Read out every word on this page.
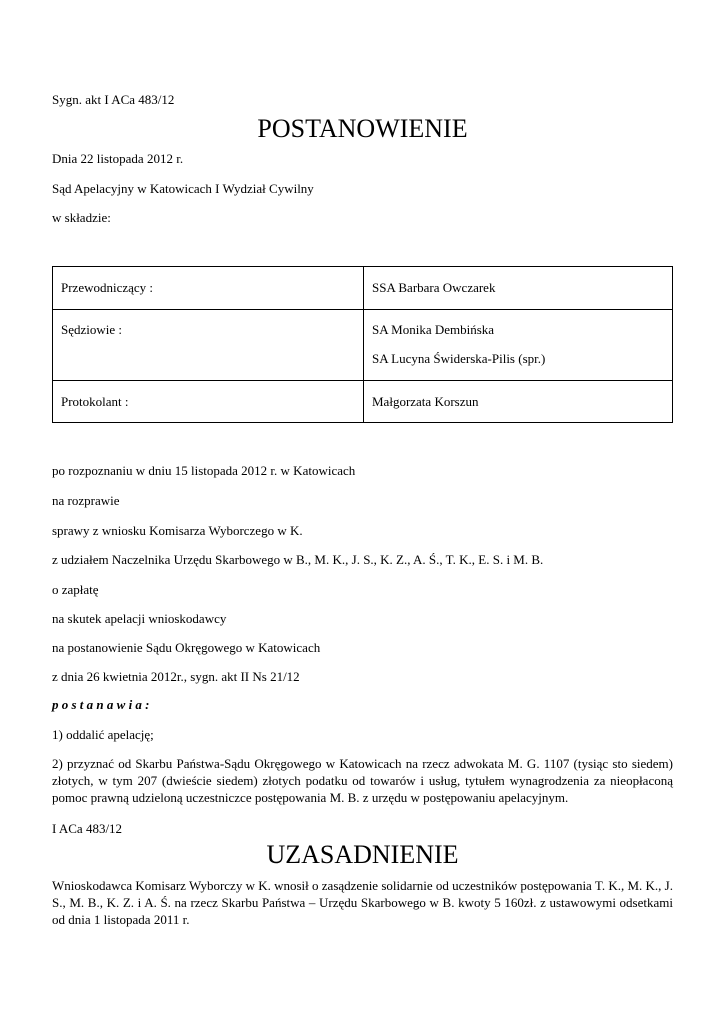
Sygn. akt I ACa 483/12
POSTANOWIENIE
Dnia 22 listopada 2012 r.
Sąd Apelacyjny w Katowicach I Wydział Cywilny
w składzie:
Przewodniczący :	SSA Barbara Owczarek

Sędziowie :	SA Monika Dembińska
SA Lucyna Świderska-Pilis (spr.)

Protokolant :	Małgorzata Korszun
po rozpoznaniu w dniu 15 listopada 2012 r. w Katowicach
na rozprawie
sprawy z wniosku Komisarza Wyborczego w K.
z udziałem Naczelnika Urzędu Skarbowego w B., M. K., J. S., K. Z., A. Ś., T. K., E. S. i M. B.
o zapłatę
na skutek apelacji wnioskodawcy
na postanowienie Sądu Okręgowego w Katowicach
z dnia 26 kwietnia 2012r., sygn. akt II Ns 21/12
p o s t a n a w i a :
1) oddalić apelację;
2) przyznać od Skarbu Państwa-Sądu Okręgowego w Katowicach na rzecz adwokata M. G. 1107 (tysiąc sto siedem) złotych, w tym 207 (dwieście siedem) złotych podatku od towarów i usług, tytułem wynagrodzenia za nieopłaconą pomoc prawną udzieloną uczestniczce postępowania M. B. z urzędu w postępowaniu apelacyjnym.
I ACa 483/12
UZASADNIENIE
Wnioskodawca Komisarz Wyborczy w K. wnosił o zasądzenie solidarnie od uczestników postępowania T. K., M. K., J. S., M. B., K. Z. i A. Ś. na rzecz Skarbu Państwa – Urzędu Skarbowego w B. kwoty 5 160zł. z ustawowymi odsetkami od dnia 1 listopada 2011 r.
